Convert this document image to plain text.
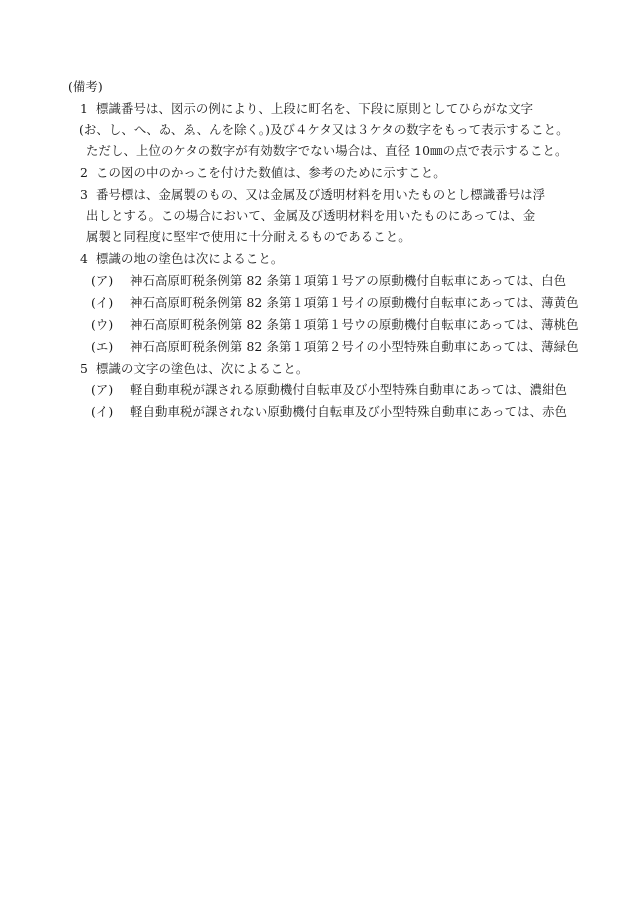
(備考)
1 標識番号は、図示の例により、上段に町名を、下段に原則としてひらがな文字
(お、し、へ、ゐ、ゑ、んを除く。)及び４ケタ又は３ケタの数字をもって表示すること。
ただし、上位のケタの数字が有効数字でない場合は、直径 10㎜の点で表示すること。
2 この図の中のかっこを付けた数値は、参考のために示すこと。
3 番号標は、金属製のもの、又は金属及び透明材料を用いたものとし標識番号は浮
出しとする。この場合において、金属及び透明材料を用いたものにあっては、金
属製と同程度に堅牢で使用に十分耐えるものであること。
4 標識の地の塗色は次によること。
(ア) 神石高原町税条例第 82 条第１項第１号アの原動機付自転車にあっては、白色
(イ) 神石高原町税条例第 82 条第１項第１号イの原動機付自転車にあっては、薄黄色
(ウ) 神石高原町税条例第 82 条第１項第１号ウの原動機付自転車にあっては、薄桃色
(エ) 神石高原町税条例第 82 条第１項第２号イの小型特殊自動車にあっては、薄緑色
5 標識の文字の塗色は、次によること。
(ア) 軽自動車税が課される原動機付自転車及び小型特殊自動車にあっては、濃紺色
(イ) 軽自動車税が課されない原動機付自転車及び小型特殊自動車にあっては、赤色
